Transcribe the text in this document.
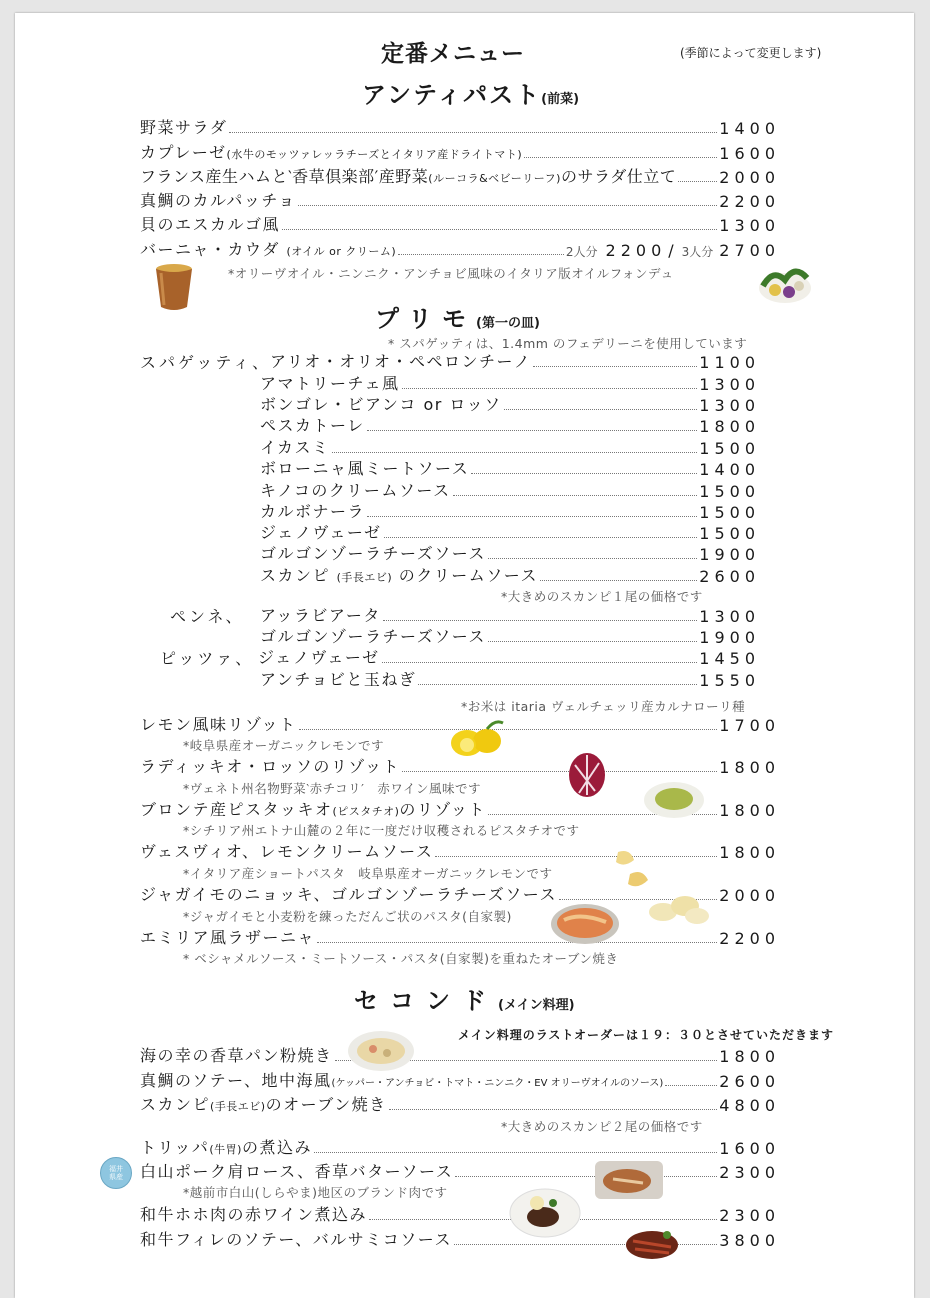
定番メニュー	(季節によって変更します)
アンティパスト(前菜)
野菜サラダ	1400
カプレーゼ(水牛のモッツァレッラチーズとイタリア産ドライトマト)	1600
フランス産生ハムと‵香草倶楽部′産野菜(ルーコラ&ベビーリーフ)のサラダ仕立て	2000
真鯛のカルパッチョ	2200
貝のエスカルゴ風	1300
バーニャ・カウダ (オイル or クリーム)	2人分 2200 / 3人分 2700
*オリーヴオイル・ニンニク・アンチョビ風味のイタリア版オイルフォンデュ
プリモ(第一の皿)
* スパゲッティは、1.4mm のフェデリーニを使用しています
スパゲッティ、
アリオ・オリオ・ペペロンチーノ	1100
アマトリーチェ風	1300
ボンゴレ・ビアンコ or ロッソ	1300
ペスカトーレ	1800
イカスミ	1500
ボローニャ風ミートソース	1400
キノコのクリームソース	1500
カルボナーラ	1500
ジェノヴェーゼ	1500
ゴルゴンゾーラチーズソース	1900
スカンピ (手長エビ) のクリームソース	2600
*大きめのスカンピ１尾の価格です
ペンネ、 アッラビアータ	1300
ゴルゴンゾーラチーズソース	1900
ピッツァ、 ジェノヴェーゼ	1450
アンチョビと玉ねぎ	1550
*お米は itaria ヴェルチェッリ産カルナローリ種
レモン風味リゾット	1700
*岐阜県産オーガニックレモンです
ラディッキオ・ロッソのリゾット	1800
*ヴェネト州名物野菜‵赤チコリ′　赤ワイン風味です
ブロンテ産ピスタッキオ(ピスタチオ)のリゾット	1800
*シチリア州エトナ山麓の２年に一度だけ収穫されるピスタチオです
ヴェスヴィオ、レモンクリームソース	1800
*イタリア産ショートパスタ　岐阜県産オーガニックレモンです
ジャガイモのニョッキ、ゴルゴンゾーラチーズソース	2000
*ジャガイモと小麦粉を練っただんご状のパスタ(自家製)
エミリア風ラザーニャ	2200
* ベシャメルソース・ミートソース・パスタ(自家製)を重ねたオーブン焼き
セコンド(メイン料理)
メイン料理のラストオーダーは１９：３０とさせていただきます
海の幸の香草パン粉焼き	1800
真鯛のソテー、地中海風(ケッパー・アンチョビ・トマト・ニンニク・EV オリーヴオイルのソース)	2600
スカンピ(手長エビ)のオーブン焼き	4800
*大きめのスカンピ２尾の価格です
トリッパ(牛胃)の煮込み	1600
白山ポーク肩ロース、香草バターソース	2300
*越前市白山(しらやま)地区のブランド肉です
和牛ホホ肉の赤ワイン煮込み	2300
和牛フィレのソテー、バルサミコソース	3800
福井県産
